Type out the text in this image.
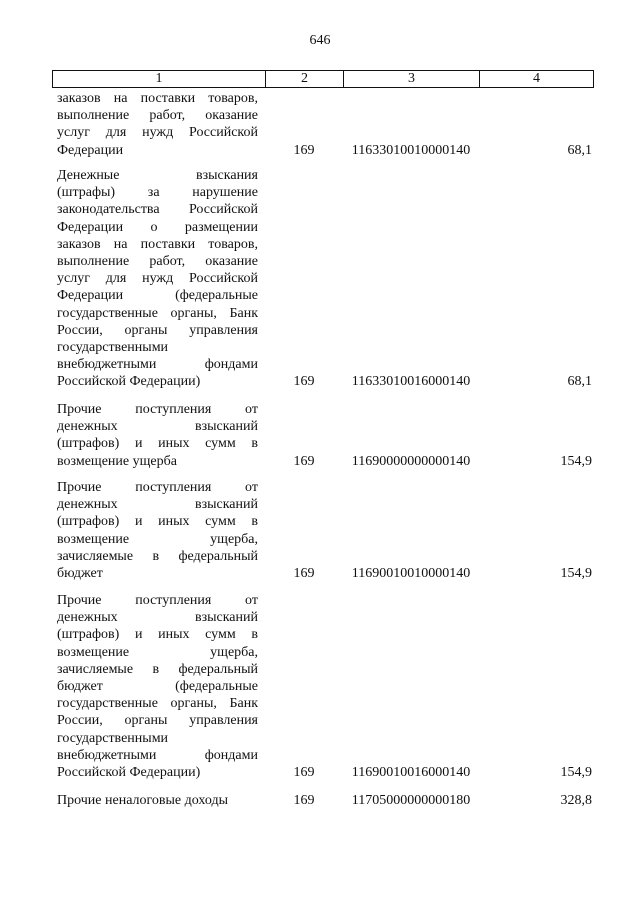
646
1	2	3	4
заказов на поставки товаров,
выполнение работ, оказание
услуг для нужд Российской
Федерации	169	11633010010000140	68,1
Денежные взыскания
(штрафы) за нарушение
законодательства Российской
Федерации о размещении
заказов на поставки товаров,
выполнение работ, оказание
услуг для нужд Российской
Федерации (федеральные
государственные органы, Банк
России, органы управления
государственными
внебюджетными фондами
Российской Федерации)	169	11633010016000140	68,1
Прочие поступления от
денежных взысканий
(штрафов) и иных сумм в
возмещение ущерба	169	11690000000000140	154,9
Прочие поступления от
денежных взысканий
(штрафов) и иных сумм в
возмещение ущерба,
зачисляемые в федеральный
бюджет	169	11690010010000140	154,9
Прочие поступления от
денежных взысканий
(штрафов) и иных сумм в
возмещение ущерба,
зачисляемые в федеральный
бюджет (федеральные
государственные органы, Банк
России, органы управления
государственными
внебюджетными фондами
Российской Федерации)	169	11690010016000140	154,9
Прочие неналоговые доходы	169	11705000000000180	328,8
